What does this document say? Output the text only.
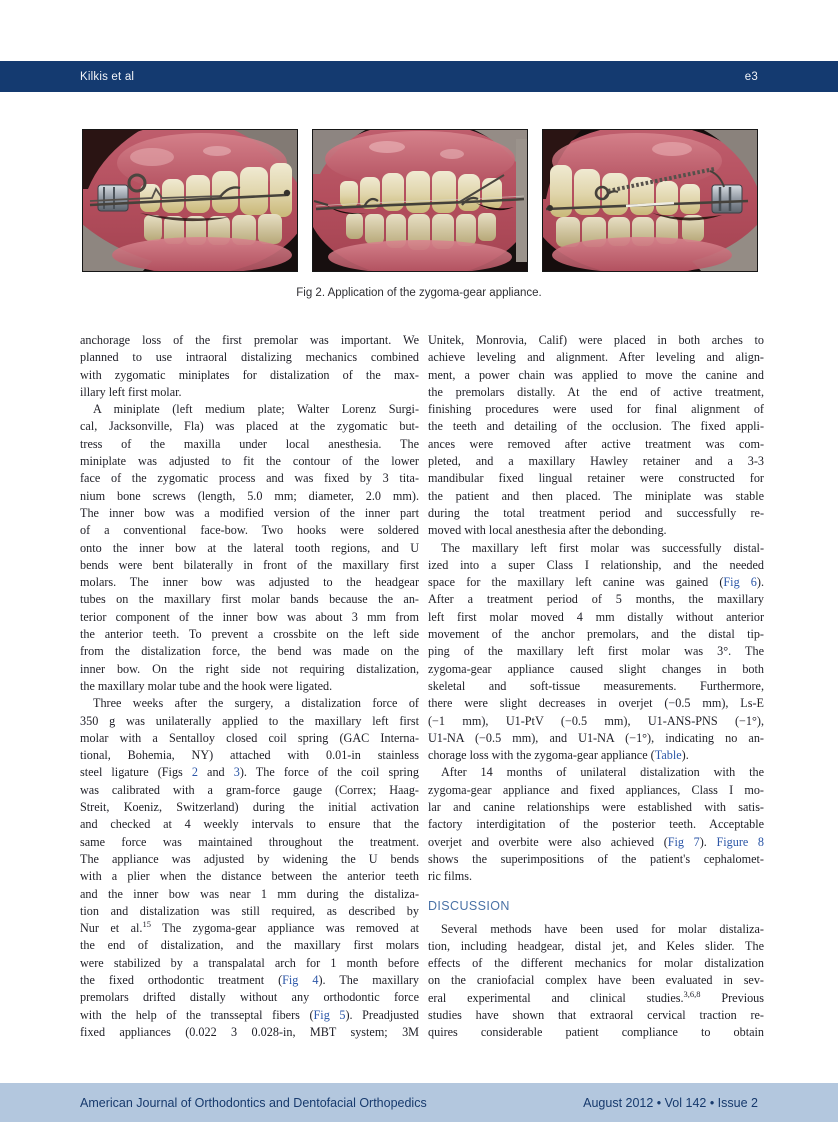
Kilkis et al	e3
Fig 2. Application of the zygoma-gear appliance.
anchorage loss of the first premolar was important. We
planned to use intraoral distalizing mechanics combined
with zygomatic miniplates for distalization of the max-
illary left first molar.
A miniplate (left medium plate; Walter Lorenz Surgi-
cal, Jacksonville, Fla) was placed at the zygomatic but-
tress of the maxilla under local anesthesia. The
miniplate was adjusted to fit the contour of the lower
face of the zygomatic process and was fixed by 3 tita-
nium bone screws (length, 5.0 mm; diameter, 2.0 mm).
The inner bow was a modified version of the inner part
of a conventional face-bow. Two hooks were soldered
onto the inner bow at the lateral tooth regions, and U
bends were bent bilaterally in front of the maxillary first
molars. The inner bow was adjusted to the headgear
tubes on the maxillary first molar bands because the an-
terior component of the inner bow was about 3 mm from
the anterior teeth. To prevent a crossbite on the left side
from the distalization force, the bend was made on the
inner bow. On the right side not requiring distalization,
the maxillary molar tube and the hook were ligated.
Three weeks after the surgery, a distalization force of
350 g was unilaterally applied to the maxillary left first
molar with a Sentalloy closed coil spring (GAC Interna-
tional, Bohemia, NY) attached with 0.01-in stainless
steel ligature (Figs 2 and 3). The force of the coil spring
was calibrated with a gram-force gauge (Correx; Haag-
Streit, Koeniz, Switzerland) during the initial activation
and checked at 4 weekly intervals to ensure that the
same force was maintained throughout the treatment.
The appliance was adjusted by widening the U bends
with a plier when the distance between the anterior teeth
and the inner bow was near 1 mm during the distaliza-
tion and distalization was still required, as described by
Nur et al.$^{15}$ The zygoma-gear appliance was removed at
the end of distalization, and the maxillary first molars
were stabilized by a transpalatal arch for 1 month before
the fixed orthodontic treatment (Fig 4). The maxillary
premolars drifted distally without any orthodontic force
with the help of the transseptal fibers (Fig 5). Preadjusted
fixed appliances (0.022 3 0.028-in, MBT system; 3M
Unitek, Monrovia, Calif) were placed in both arches to
achieve leveling and alignment. After leveling and align-
ment, a power chain was applied to move the canine and
the premolars distally. At the end of active treatment,
finishing procedures were used for final alignment of
the teeth and detailing of the occlusion. The fixed appli-
ances were removed after active treatment was com-
pleted, and a maxillary Hawley retainer and a 3-3
mandibular fixed lingual retainer were constructed for
the patient and then placed. The miniplate was stable
during the total treatment period and successfully re-
moved with local anesthesia after the debonding.
The maxillary left first molar was successfully distal-
ized into a super Class I relationship, and the needed
space for the maxillary left canine was gained (Fig 6).
After a treatment period of 5 months, the maxillary
left first molar moved 4 mm distally without anterior
movement of the anchor premolars, and the distal tip-
ping of the maxillary left first molar was 3°. The
zygoma-gear appliance caused slight changes in both
skeletal and soft-tissue measurements. Furthermore,
there were slight decreases in overjet (−0.5 mm), Ls-E
(−1 mm), U1-PtV (−0.5 mm), U1-ANS-PNS (−1°),
U1-NA (−0.5 mm), and U1-NA (−1°), indicating no an-
chorage loss with the zygoma-gear appliance (Table).
After 14 months of unilateral distalization with the
zygoma-gear appliance and fixed appliances, Class I mo-
lar and canine relationships were established with satis-
factory interdigitation of the posterior teeth. Acceptable
overjet and overbite were also achieved (Fig 7). Figure 8
shows the superimpositions of the patient's cephalomet-
ric films.
DISCUSSION
Several methods have been used for molar distaliza-
tion, including headgear, distal jet, and Keles slider. The
effects of the different mechanics for molar distalization
on the craniofacial complex have been evaluated in sev-
eral experimental and clinical studies.$^{3,6,8}$ Previous
studies have shown that extraoral cervical traction re-
quires considerable patient compliance to obtain
American Journal of Orthodontics and Dentofacial Orthopedics	August 2012 • Vol 142 • Issue 2
